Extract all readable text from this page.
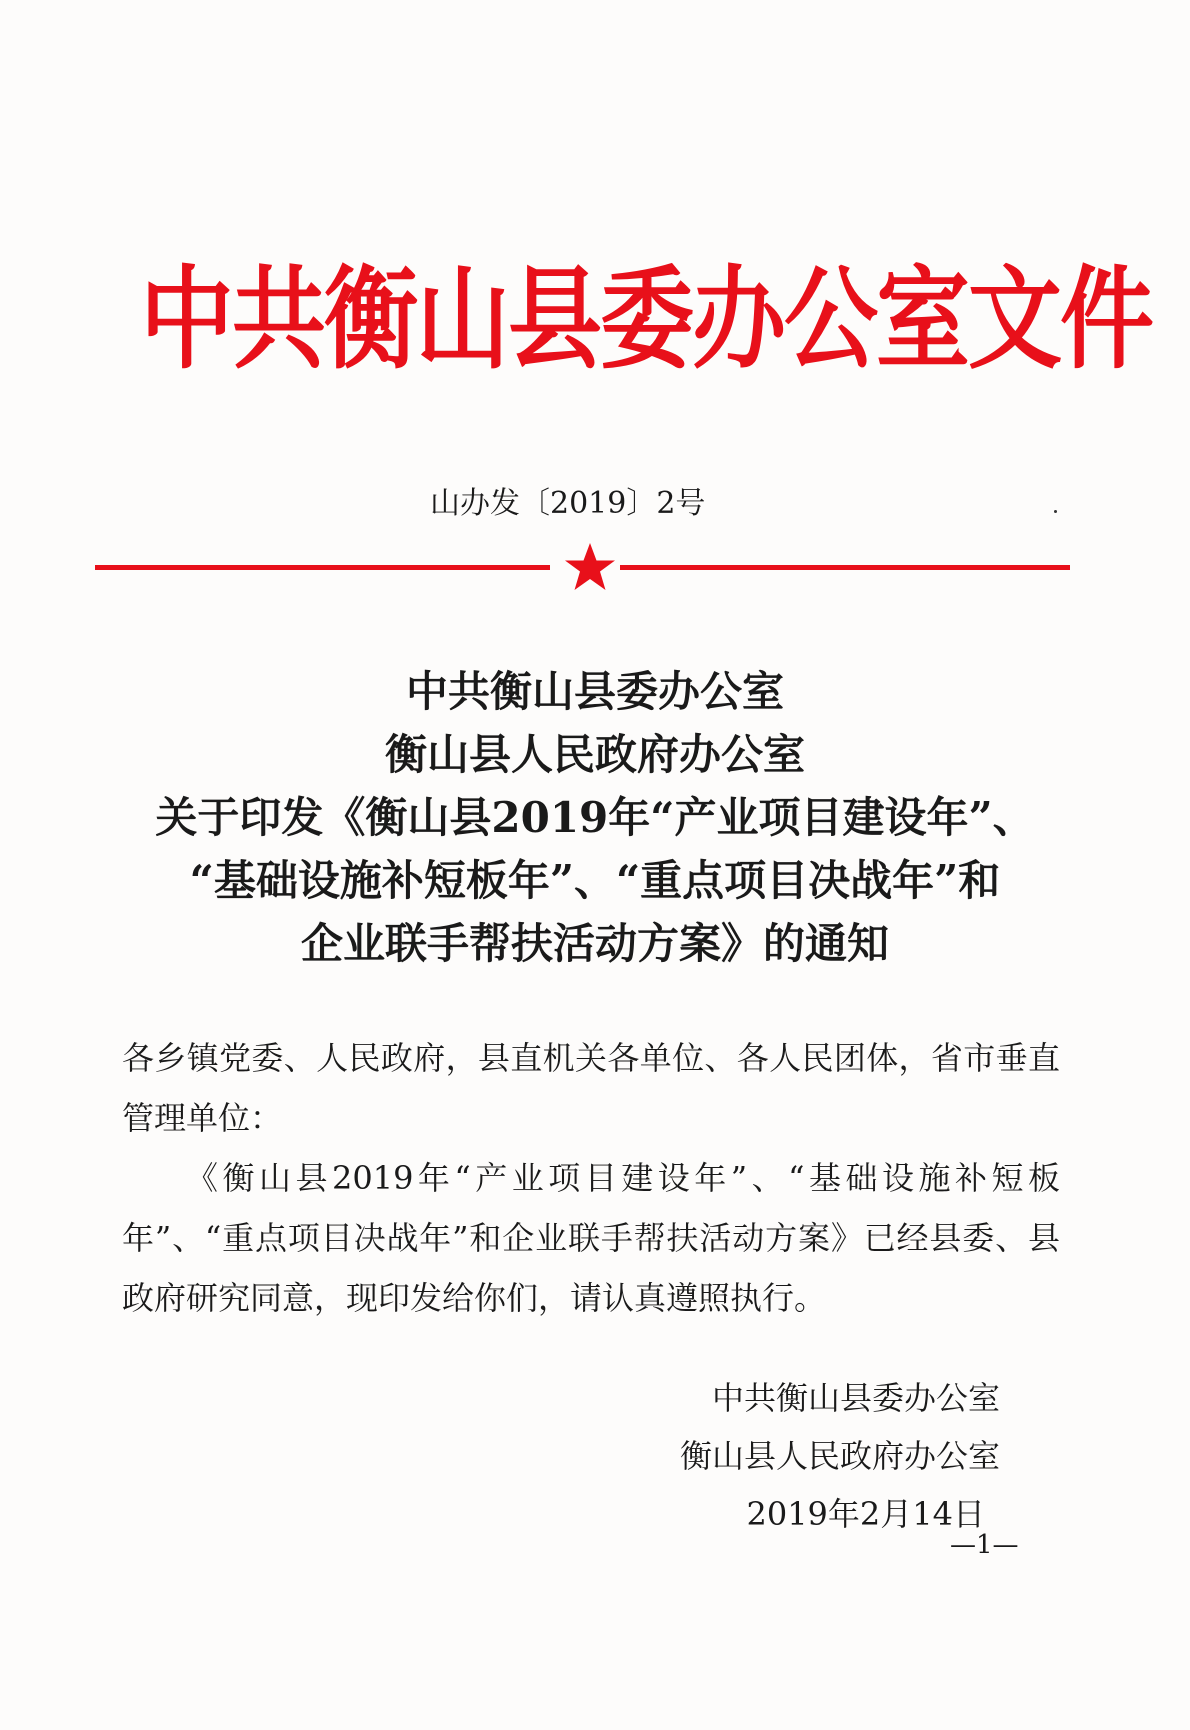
中共衡山县委办公室文件
山办发〔2019〕2号
中共衡山县委办公室
衡山县人民政府办公室
关于印发《衡山县2019年“产业项目建设年”、
“基础设施补短板年”、“重点项目决战年”和
企业联手帮扶活动方案》的通知

各乡镇党委、人民政府，县直机关各单位、各人民团体，省市垂直管理单位：

《衡山县2019年“产业项目建设年”、“基础设施补短板年”、“重点项目决战年”和企业联手帮扶活动方案》已经县委、县政府研究同意，现印发给你们，请认真遵照执行。

中共衡山县委办公室
衡山县人民政府办公室
2019年2月14日
—1—
